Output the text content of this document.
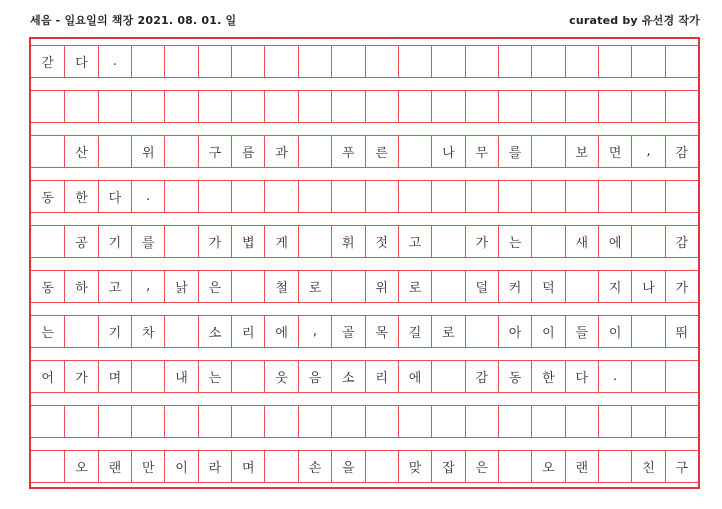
세음 - 일요일의 책장 2021. 08. 01. 일	curated by 유선경 작가
갇	다	.
산	위	구	름	과	푸	른	나	무	를	보	면	,	감
동	한	다	.
공	기	를	가	볍	게	휘	젓	고	가	는	새	에	감
동	하	고	,	낡	은	철	로	위	로	덜	커	덕	지	나	가
는	기	차	소	리	에	,	골	목	길	로	아	이	들	이	뛰
어	가	며	내	는	웃	음	소	리	에	감	동	한	다	.
오	랜	만	이	라	며	손	을	맞	잡	은	오	랜	친	구
